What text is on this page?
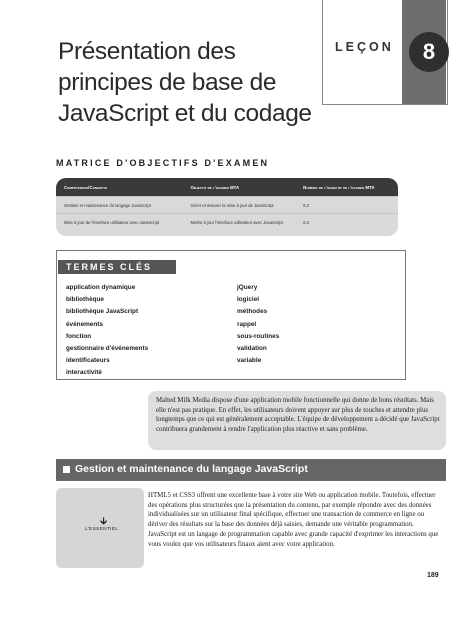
Présentation des
principes de base de
JavaScript et du codage
LEÇON	8
MATRICE D'OBJECTIFS D'EXAMEN
Compétences/Concepts	Objectif de l'examen MTA	Numéro de l'objectif de l'examen MTA
Gestion et maintenance du langage JavaScript	Gérer et assurer la mise à jour de JavaScript	6.2
Mise à jour de l'interface utilisateur avec JavaScript	Mettre à jour l'interface utilisateur avec JavaScript	6.2
TERMES CLÉS
application dynamique
bibliothèque
bibliothèque JavaScript
événements
fonction
gestionnaire d'événements
identificateurs
interactivité
jQuery
logiciel
méthodes
rappel
sous-routines
validation
variable
Malted Milk Media dispose d'une application mobile fonctionnelle qui donne de bons résultats. Mais elle n'est pas pratique. En effet, les utilisateurs doivent appuyer sur plus de touches et attendre plus longtemps que ce qui est généralement acceptable. L'équipe de développement a décidé que JavaScript contribuera grandement à rendre l'application plus réactive et sans problème.
Gestion et maintenance du langage JavaScript
🡳
L'ESSENTIEL
HTML5 et CSS3 offrent une excellente base à votre site Web ou application mobile. Toutefois, effectuer des opérations plus structurées que la présentation du contenu, par exemple répondre avec des données individualisées sur un utilisateur final spécifique, effectuer une transaction de commerce en ligne ou dériver des résultats sur la base des données déjà saisies, demande une véritable programmation. JavaScript est un langage de programmation capable avec grande capacité d'exprimer les interactions que vous voulez que vos utilisateurs finaux aient avec votre application.
189
